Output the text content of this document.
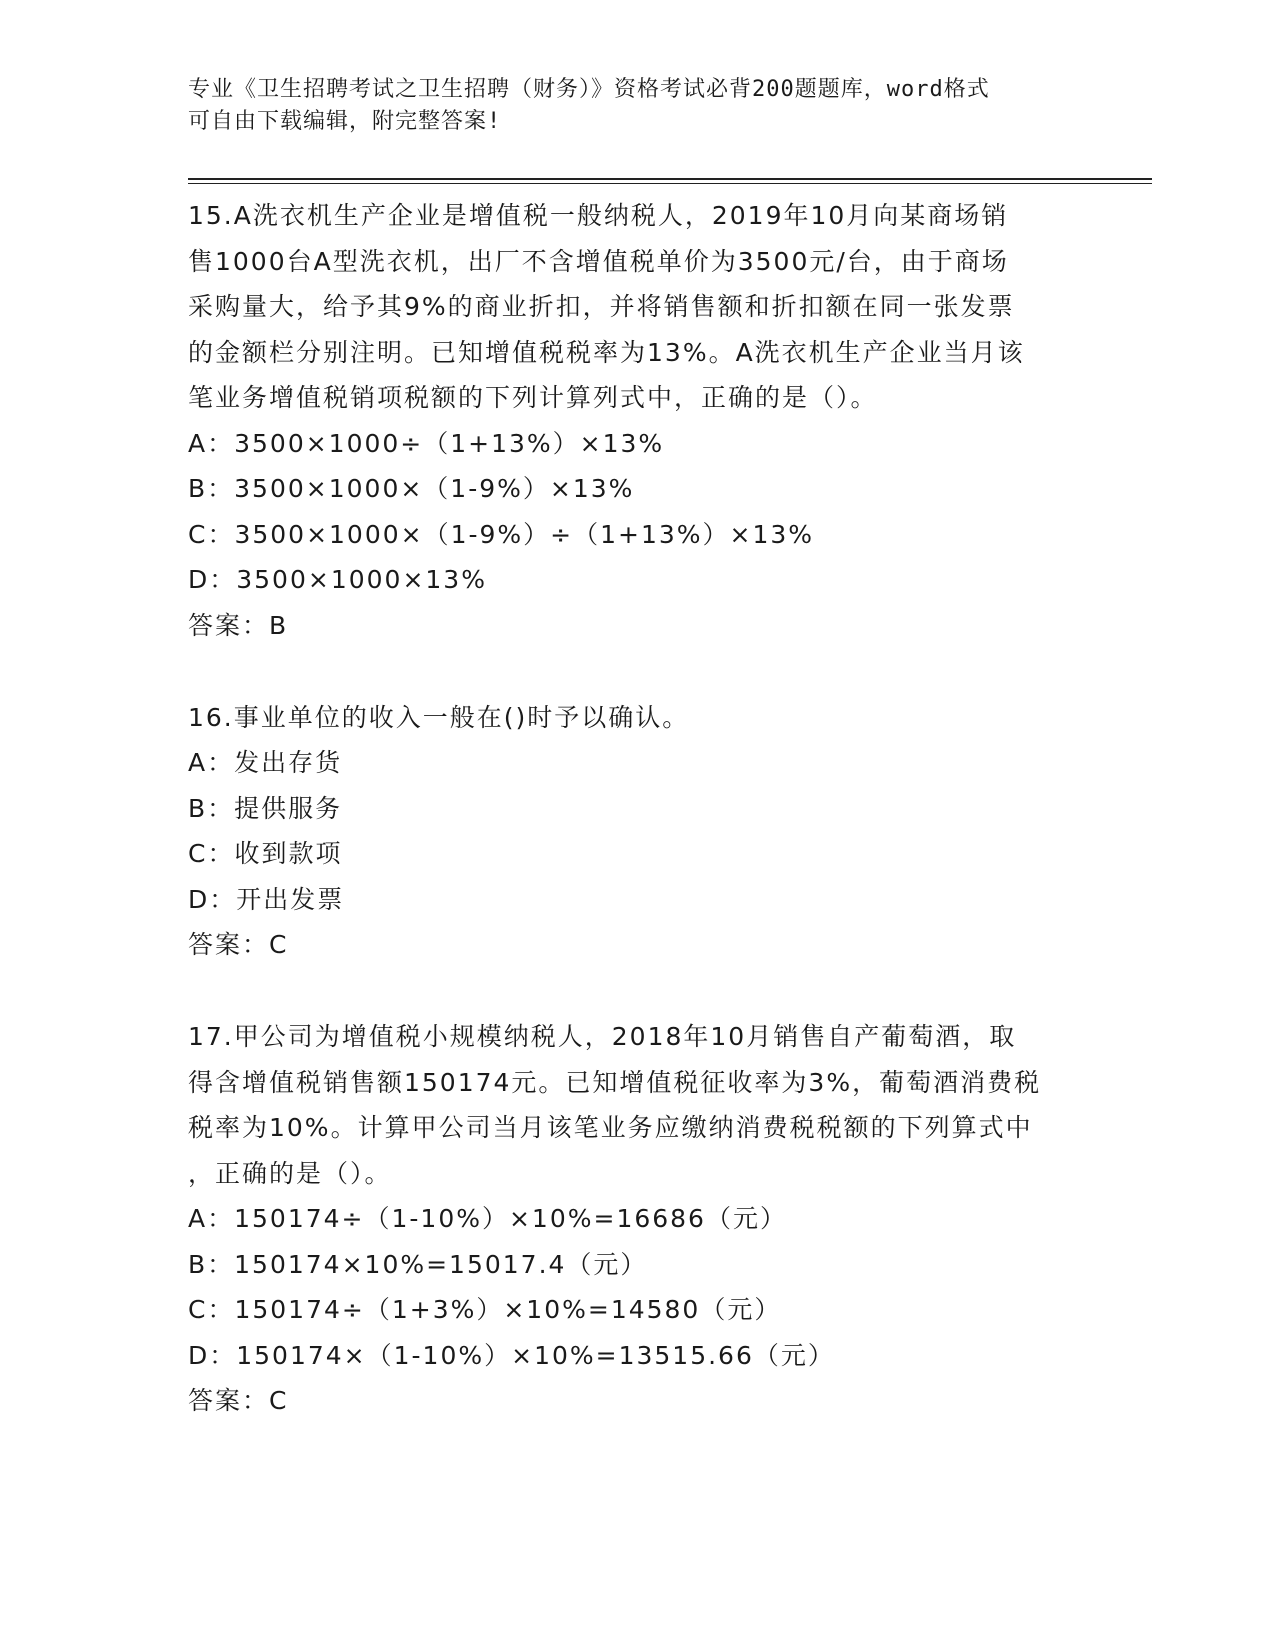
专业《卫生招聘考试之卫生招聘（财务）》资格考试必背200题题库，word格式
可自由下载编辑，附完整答案!
15.A洗衣机生产企业是增值税一般纳税人，2019年10月向某商场销
售1000台A型洗衣机，出厂不含增值税单价为3500元/台，由于商场
采购量大，给予其9%的商业折扣，并将销售额和折扣额在同一张发票
的金额栏分别注明。已知增值税税率为13%。A洗衣机生产企业当月该
笔业务增值税销项税额的下列计算列式中，正确的是（）。
A：3500×1000÷（1+13%）×13%
B：3500×1000×（1-9%）×13%
C：3500×1000×（1-9%）÷（1+13%）×13%
D：3500×1000×13%
答案：B
16.事业单位的收入一般在()时予以确认。
A：发出存货
B：提供服务
C：收到款项
D：开出发票
答案：C
17.甲公司为增值税小规模纳税人，2018年10月销售自产葡萄酒，取
得含增值税销售额150174元。已知增值税征收率为3%，葡萄酒消费税
税率为10%。计算甲公司当月该笔业务应缴纳消费税税额的下列算式中
，正确的是（）。
A：150174÷（1-10%）×10%=16686（元）
B：150174×10%=15017.4（元）
C：150174÷（1+3%）×10%=14580（元）
D：150174×（1-10%）×10%=13515.66（元）
答案：C
